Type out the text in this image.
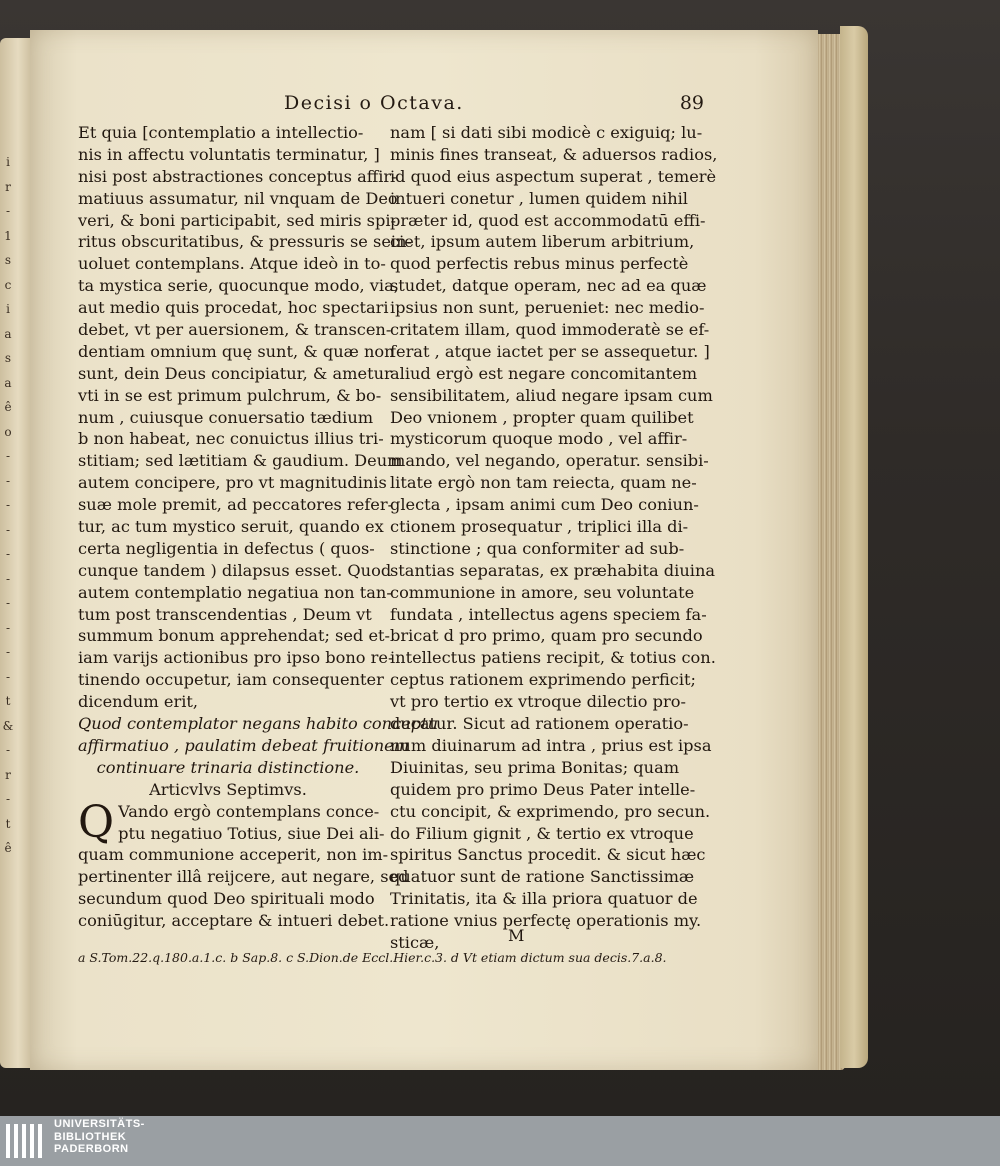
i
r
-
1
s
c
i
a
s
a
ê
o
-
-
-
-
-
-
-
-
-
-
t
&
-
r
-
t
ê
Decisi o Octava.	89
Et quia [contemplatio a intellectio-
nis in affectu voluntatis terminatur, ]
nisi post abstractiones conceptus affir-
matiuus assumatur, nil vnquam de Deo
veri, & boni participabit, sed miris spi-
ritus obscuritatibus, & pressuris se sein-
uoluet contemplans. Atque ideò in to-
ta mystica serie, quocunque modo, via,
aut medio quis procedat, hoc spectari
debet, vt per auersionem, & transcen-
dentiam omnium quę sunt, & quæ non
sunt, dein Deus concipiatur, & ametur
vti in se est primum pulchrum, & bo-
num , cuiusque conuersatio tædium
b non habeat, nec conuictus illius tri-
stitiam; sed lætitiam & gaudium. Deum
autem concipere, pro vt magnitudinis
suæ mole premit, ad peccatores refer-
tur, ac tum mystico seruit, quando ex
certa negligentia in defectus ( quos-
cunque tandem ) dilapsus esset. Quod
autem contemplatio negatiua non tan-
tum post transcendentias , Deum vt
summum bonum apprehendat; sed et-
iam varijs actionibus pro ipso bono re-
tinendo occupetur, iam consequenter
dicendum erit,
Quod contemplator negans habito conceptu
affirmatiuo , paulatim debeat fruitionem
continuare trinaria distinctione.
Articvlvs Septimvs.
Q Vando ergò contemplans conce-
ptu negatiuo Totius, siue Dei ali-
quam communione acceperit, non im-
pertinenter illâ reijcere, aut negare, sed
secundum quod Deo spirituali modo
coniūgitur, acceptare & intueri debet.
nam [ si dati sibi modicè c exiguiq; lu-
minis fines transeat, & aduersos radios,
id quod eius aspectum superat , temerè
intueri conetur , lumen quidem nihil
præter id, quod est accommodatū effi-
ciet, ipsum autem liberum arbitrium,
quod perfectis rebus minus perfectè
studet, datque operam, nec ad ea quæ
ipsius non sunt, perueniet: nec medio-
critatem illam, quod immoderatè se ef-
ferat , atque iactet per se assequetur. ]
aliud ergò est negare concomitantem
sensibilitatem, aliud negare ipsam cum
Deo vnionem , propter quam quilibet
mysticorum quoque modo , vel affir-
mando, vel negando, operatur. sensibi-
litate ergò non tam reiecta, quam ne-
glecta , ipsam animi cum Deo coniun-
ctionem prosequatur , triplici illa di-
stinctione ; qua conformiter ad sub-
stantias separatas, ex præhabita diuina
communione in amore, seu voluntate
fundata , intellectus agens speciem fa-
bricat d pro primo, quam pro secundo
intellectus patiens recipit, & totius con.
ceptus rationem exprimendo perficit;
vt pro tertio ex vtroque dilectio pro-
ducatur. Sicut ad rationem operatio-
num diuinarum ad intra , prius est ipsa
Diuinitas, seu prima Bonitas; quam
quidem pro primo Deus Pater intelle-
ctu concipit, & exprimendo, pro secun.
do Filium gignit , & tertio ex vtroque
spiritus Sanctus procedit. & sicut hæc
quatuor sunt de ratione Sanctissimæ
Trinitatis, ita & illa priora quatuor de
ratione vnius perfectę operationis my.
sticæ,	M
a S.Tom.22.q.180.a.1.c. b Sap.8. c S.Dion.de Eccl.Hier.c.3. d Vt etiam dictum sua decis.7.a.8.
UNIVERSITÄTS-
BIBLIOTHEK
PADERBORN
